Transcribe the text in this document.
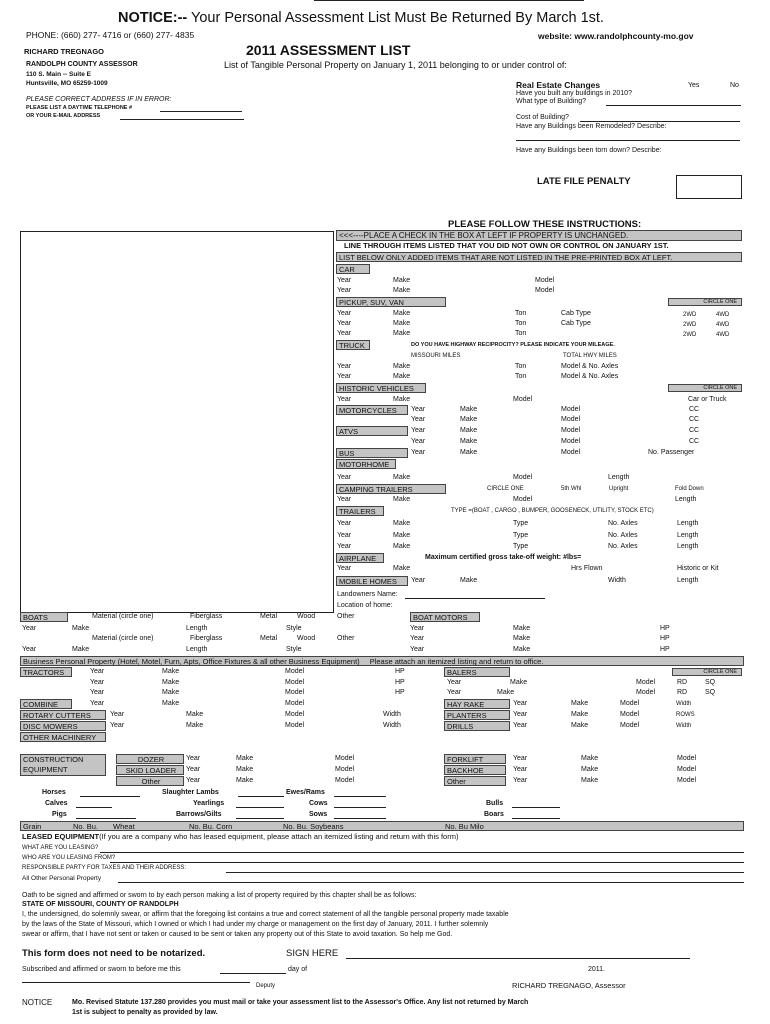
NOTICE:-- Your Personal Assessment List Must Be Returned By March 1st.
PHONE: (660) 277- 4716 or (660) 277- 4835	website: www.randolphcounty-mo.gov
2011 ASSESSMENT LIST
List of Tangible Personal Property on January 1, 2011 belonging to or under control of:
RICHARD TREGNAGO
RANDOLPH COUNTY ASSESSOR
110 S. Main -- Suite E
Huntsville, MO 65259-1009
PLEASE CORRECT ADDRESS IF IN ERROR:
PLEASE LIST A DAYTIME TELEPHONE #
OR YOUR E-MAIL ADDRESS
Real Estate Changes	Yes	No
Have you built any buildings in 2010?
What type of Building?
Cost of Building?
Have any Buildings been Remodeled? Describe:
Have any Buildings been torn down? Describe:
LATE FILE PENALTY
PLEASE FOLLOW THESE INSTRUCTIONS:
<<<----PLACE A CHECK IN THE BOX AT LEFT IF PROPERTY IS UNCHANGED.
LINE THROUGH ITEMS LISTED THAT YOU DID NOT OWN OR CONTROL ON JANUARY 1ST.
LIST BELOW ONLY ADDED ITEMS THAT ARE NOT LISTED IN THE PRE-PRINTED BOX AT LEFT.
CAR
Year	Make	Model
Year	Make	Model
PICKUP, SUV, VAN	CIRCLE ONE
Year	Make	Ton	Cab Type	2WD	4WD
Year	Make	Ton	Cab Type	2WD	4WD
Year	Make	Ton	2WD	4WD
TRUCK	DO YOU HAVE HIGHWAY RECIPROCITY? PLEASE INDICATE YOUR MILEAGE.
MISSOURI MILES	TOTAL HWY MILES
Year	Make	Ton	Model & No. Axles
Year	Make	Ton	Model & No. Axles
HISTORIC VEHICLES	CIRCLE ONE
Year	Make	Model	Car or Truck
MOTORCYCLES	Year	Make	Model	CC
Year	Make	Model	CC
ATVS	Year	Make	Model	CC
Year	Make	Model	CC
BUS	Year	Make	Model	No. Passenger
MOTORHOME
Year	Make	Model	Length
CAMPING TRAILERS	CIRCLE ONE	5th Whl	Upright	Fold Down
Year	Make	Model	Length
TRAILERS	TYPE =(BOAT , CARGO , BUMPER, GOOSENECK, UTILITY, STOCK ETC)
Year	Make	Type	No. Axles	Length
Year	Make	Type	No. Axles	Length
Year	Make	Type	No. Axles	Length
AIRPLANE	Maximum certified gross take-off weight: #lbs=
Year	Make	Hrs Flown	Historic or Kit
MOBILE HOMES	Year	Make	Width	Length
Landowners Name:
Location of home:
BOATS	Material (circle one)	Fiberglass	Metal	Wood	Other	BOAT MOTORS
Year	Make	Length	Style	Year	Make	HP
Material (circle one)	Fiberglass	Metal	Wood	Other	Year	Make	HP
Year	Make	Length	Style	Year	Make	HP
Business Personal Property (Hotel, Motel, Furn, Apts, Office Fixtures & all other Business Equipment) Please attach an itemized listing and return to office.
TRACTORS	BALERS	CIRCLE ONE
Year	Make	Model	HP
Year	Make	Model	HP	Year	Make	Model	RD	SQ
Year	Make	Model	HP	Year	Make	Model	RD	SQ
COMBINE	Year	Make	Model	HAY RAKE	Year	Make	Model	Width
ROTARY CUTTERS	Year	Make	Model	Width	PLANTERS	Year	Make	Model	ROWS
DISC MOWERS	Year	Make	Model	Width	DRILLS	Year	Make	Model	Width
OTHER MACHINERY
CONSTRUCTION
EQUIPMENT
DOZER
SKID LOADER
Other
Year	Make	Model
Year	Make	Model
Year	Make	Model
FORKLIFT
BACKHOE
Other
Year	Make	Model
Year	Make	Model
Year	Make	Model
Horses
Calves
Pigs
Slaughter Lambs
Yearlings
Barrows/Gilts
Ewes/Rams
Cows
Sows
Bulls
Boars
Grain	No. Bu. Wheat	No. Bu. Corn	No. Bu. Soybeans	No. Bu Milo
LEASED EQUIPMENT(If you are a company who has leased equipment, please attach an itemized listing and return with this form)
WHAT ARE YOU LEASING?
WHO ARE YOU LEASING FROM?
RESPONSIBLE PARTY FOR TAXES AND THEIR ADDRESS:
All Other Personal Property
Oath to be signed and affirmed or sworn to by each person making a list of property required by this chapter shall be as follows:
STATE OF MISSOURI, COUNTY OF RANDOLPH
I, the undersigned, do solemnly swear, or affirm that the foregoing list contains a true and correct statement of all the tangible personal property made taxable
by the laws of the State of Missouri, which I owned or which I had under my charge or management on the first day of January, 2011. I further solemnly
swear or affirm, that I have not sent or taken or caused to be sent or taken any property out of this State to avoid taxation. So help me God.
This form does not need to be notarized.	SIGN HERE
Subscribed and affirmed or sworn to before me this	day of	2011.
Deputy	RICHARD TREGNAGO, Assessor
NOTICE	Mo. Revised Statute 137.280 provides you must mail or take your assessment list to the Assessor's Office. Any list not returned by March
1st is subject to penalty as provided by law.
